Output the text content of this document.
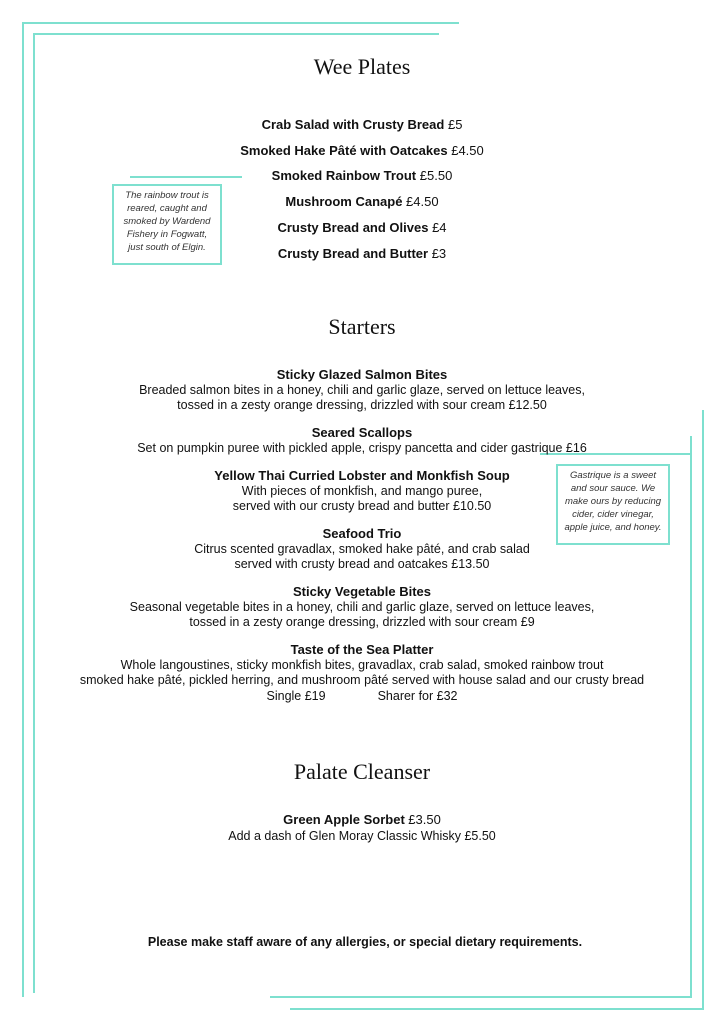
Wee Plates
Crab Salad with Crusty Bread £5
Smoked Hake Pâté with Oatcakes £4.50
Smoked Rainbow Trout £5.50
Mushroom Canapé £4.50
Crusty Bread and Olives £4
Crusty Bread and Butter £3
The rainbow trout is
reared, caught and
smoked by Wardend
Fishery in Fogwatt,
just south of Elgin.
Starters
Sticky Glazed Salmon Bites
Breaded salmon bites in a honey, chili and garlic glaze, served on lettuce leaves,
tossed in a zesty orange dressing, drizzled with sour cream £12.50
Seared Scallops
Set on pumpkin puree with pickled apple, crispy pancetta and cider gastrique £16
Yellow Thai Curried Lobster and Monkfish Soup
With pieces of monkfish, and mango puree,
served with our crusty bread and butter £10.50
Seafood Trio
Citrus scented gravadlax, smoked hake pâté, and crab salad
served with crusty bread and oatcakes £13.50
Sticky Vegetable Bites
Seasonal vegetable bites in a honey, chili and garlic glaze, served on lettuce leaves,
tossed in a zesty orange dressing, drizzled with sour cream £9
Taste of the Sea Platter
Whole langoustines, sticky monkfish bites, gravadlax, crab salad, smoked rainbow trout
smoked hake pâté, pickled herring, and mushroom pâté served with house salad and our crusty bread
Single £19	Sharer for £32
Gastrique is a sweet
and sour sauce. We
make ours by reducing
cider, cider vinegar,
apple juice, and honey.
Palate Cleanser
Green Apple Sorbet £3.50
Add a dash of Glen Moray Classic Whisky £5.50
Please make staff aware of any allergies, or special dietary requirements.
